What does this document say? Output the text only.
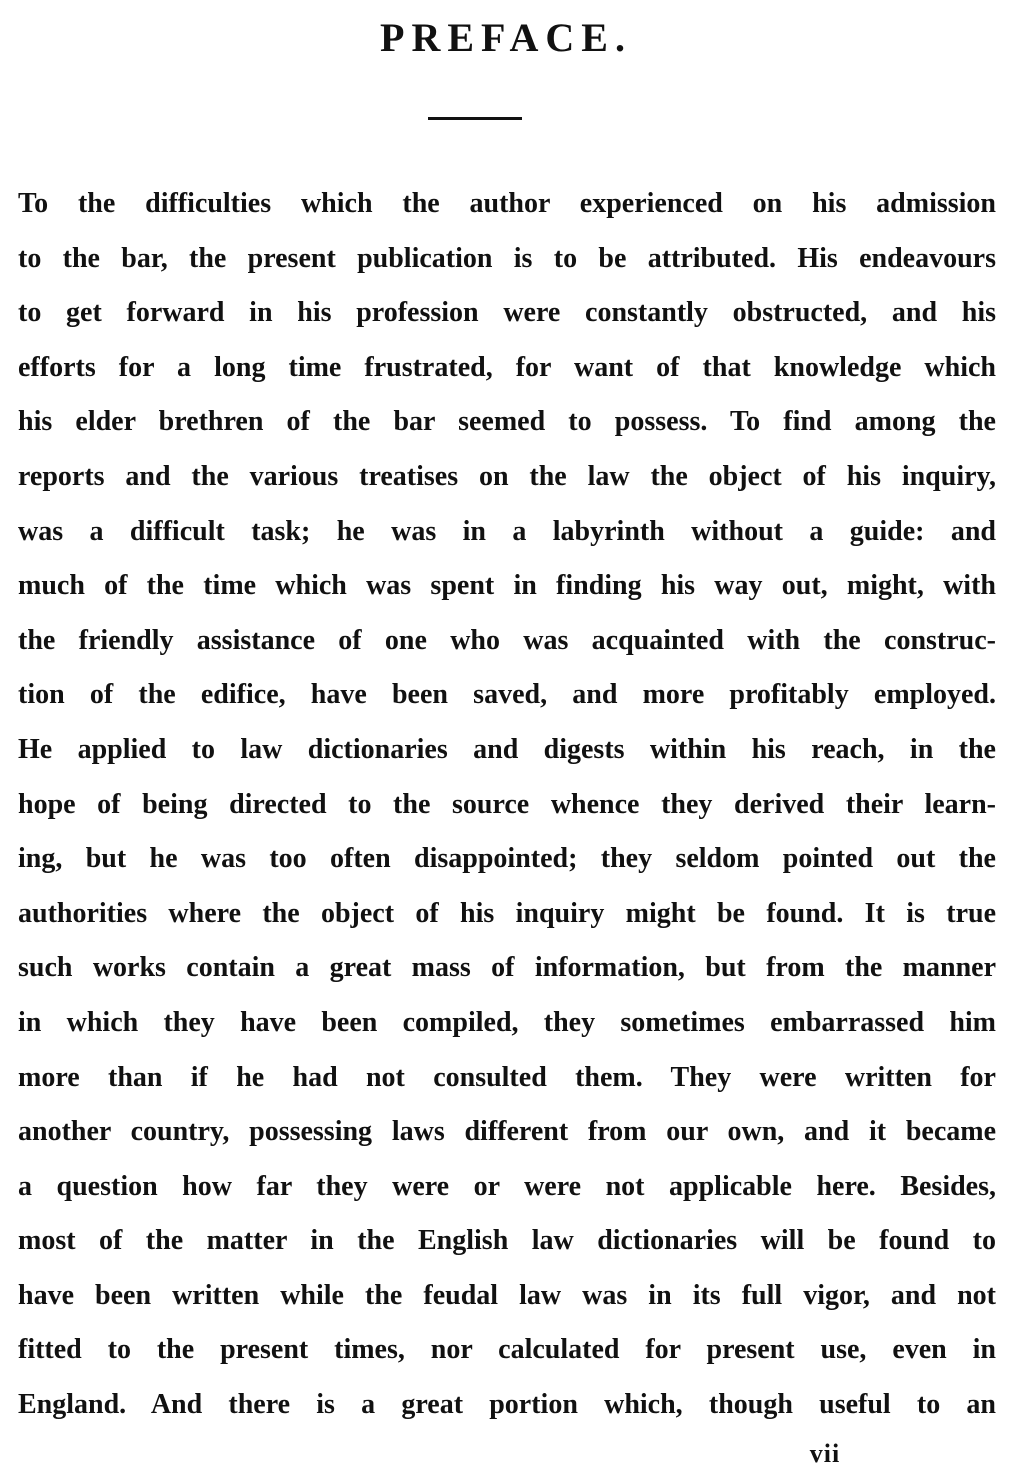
PREFACE.
To the difficulties which the author experienced on his admission
to the bar, the present publication is to be attributed. His endeavours
to get forward in his profession were constantly obstructed, and his
efforts for a long time frustrated, for want of that knowledge which
his elder brethren of the bar seemed to possess. To find among the
reports and the various treatises on the law the object of his inquiry,
was a difficult task; he was in a labyrinth without a guide: and
much of the time which was spent in finding his way out, might, with
the friendly assistance of one who was acquainted with the construc-
tion of the edifice, have been saved, and more profitably employed.
He applied to law dictionaries and digests within his reach, in the
hope of being directed to the source whence they derived their learn-
ing, but he was too often disappointed; they seldom pointed out the
authorities where the object of his inquiry might be found. It is true
such works contain a great mass of information, but from the manner
in which they have been compiled, they sometimes embarrassed him
more than if he had not consulted them. They were written for
another country, possessing laws different from our own, and it became
a question how far they were or were not applicable here. Besides,
most of the matter in the English law dictionaries will be found to
have been written while the feudal law was in its full vigor, and not
fitted to the present times, nor calculated for present use, even in
England. And there is a great portion which, though useful to an
vii
